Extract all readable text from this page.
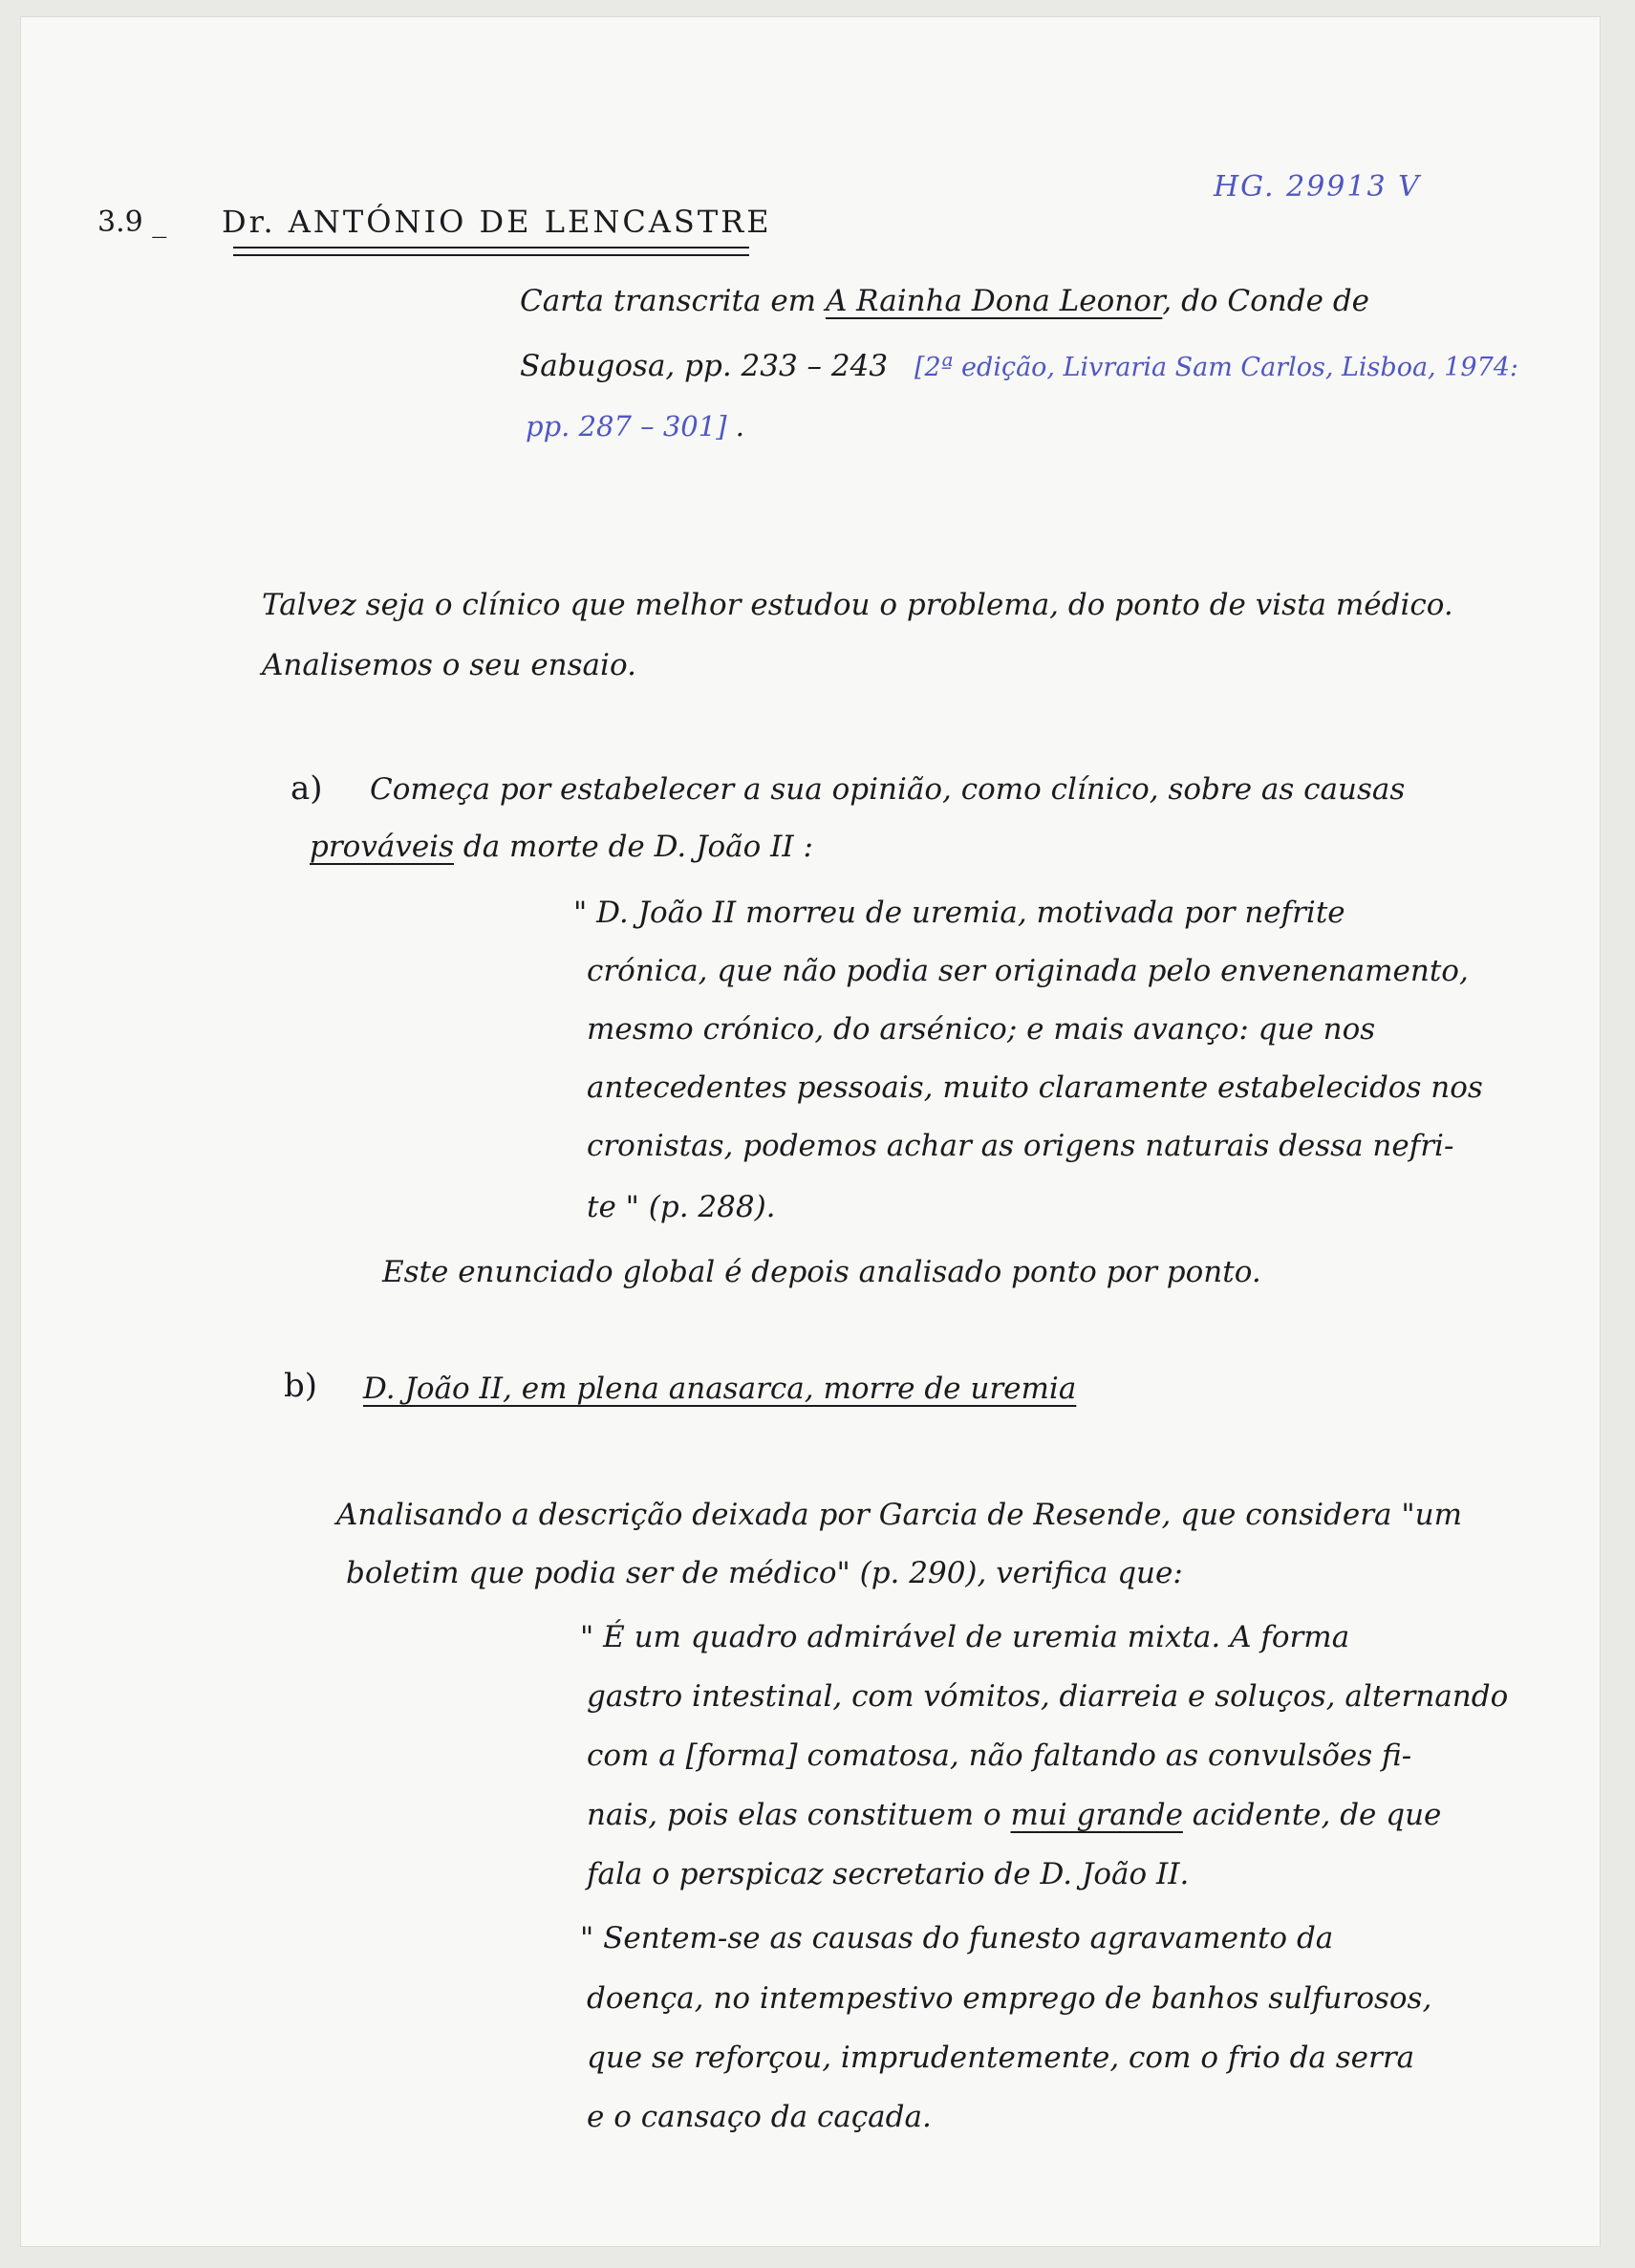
HG. 29913 V
3.9 _ Dr. ANTÓNIO DE LENCASTRE
Carta transcrita em A Rainha Dona Leonor, do Conde de
Sabugosa, pp. 233 – 243 [2ª edição, Livraria Sam Carlos, Lisboa, 1974:
pp. 287 – 301] .
Talvez seja o clínico que melhor estudou o problema, do ponto de vista médico.
Analisemos o seu ensaio.
a) Começa por estabelecer a sua opinião, como clínico, sobre as causas
prováveis da morte de D. João II :
" D. João II morreu de uremia, motivada por nefrite
crónica, que não podia ser originada pelo envenenamento,
mesmo crónico, do arsénico; e mais avanço: que nos
antecedentes pessoais, muito claramente estabelecidos nos
cronistas, podemos achar as origens naturais dessa nefri-
te " (p. 288).
Este enunciado global é depois analisado ponto por ponto.
b) D. João II, em plena anasarca, morre de uremia
Analisando a descrição deixada por Garcia de Resende, que considera "um
boletim que podia ser de médico" (p. 290), verifica que:
" É um quadro admirável de uremia mixta. A forma
gastro intestinal, com vómitos, diarreia e soluços, alternando
com a [forma] comatosa, não faltando as convulsões fi-
nais, pois elas constituem o mui grande acidente, de que
fala o perspicaz secretario de D. João II.
" Sentem-se as causas do funesto agravamento da
doença, no intempestivo emprego de banhos sulfurosos,
que se reforçou, imprudentemente, com o frio da serra
e o cansaço da caçada.
